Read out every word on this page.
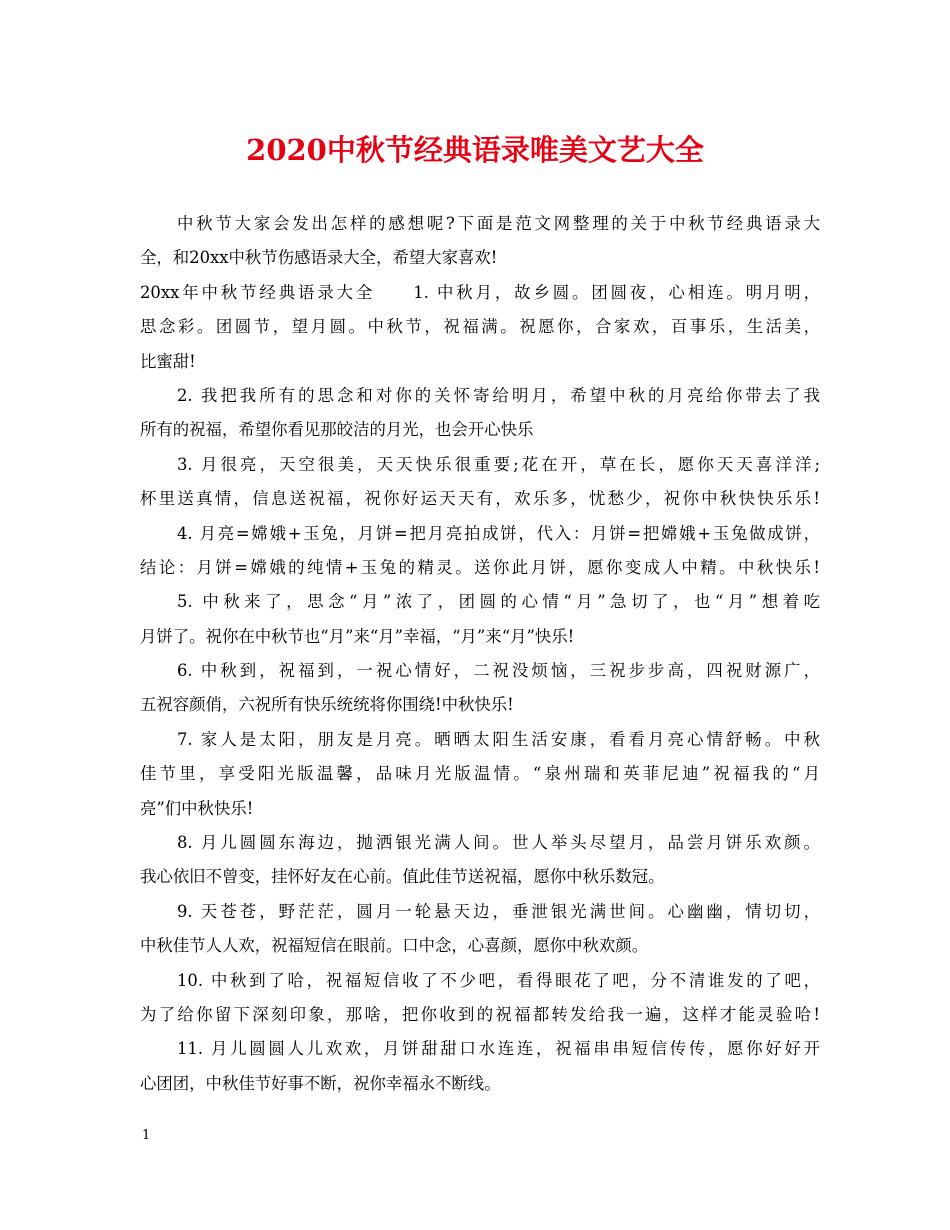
2020中秋节经典语录唯美文艺大全
中秋节大家会发出怎样的感想呢?下面是范文网整理的关于中秋节经典语录大
全，和20xx中秋节伤感语录大全，希望大家喜欢!
20xx年中秋节经典语录大全 1. 中秋月，故乡圆。团圆夜，心相连。明月明，
思念彩。团圆节，望月圆。中秋节，祝福满。祝愿你，合家欢，百事乐，生活美，
比蜜甜!
2. 我把我所有的思念和对你的关怀寄给明月，希望中秋的月亮给你带去了我
所有的祝福，希望你看见那皎洁的月光，也会开心快乐
3. 月很亮，天空很美，天天快乐很重要;花在开，草在长，愿你天天喜洋洋;
杯里送真情，信息送祝福，祝你好运天天有，欢乐多，忧愁少，祝你中秋快快乐乐!
4. 月亮=嫦娥+玉兔，月饼=把月亮拍成饼，代入：月饼=把嫦娥+玉兔做成饼，
结论：月饼=嫦娥的纯情+玉兔的精灵。送你此月饼，愿你变成人中精。中秋快乐!
5. 中秋来了，思念“月”浓了，团圆的心情“月”急切了，也“月”想着吃
月饼了。祝你在中秋节也“月”来“月”幸福，“月”来“月”快乐!
6. 中秋到，祝福到，一祝心情好，二祝没烦恼，三祝步步高，四祝财源广，
五祝容颜俏，六祝所有快乐统统将你围绕!中秋快乐!
7. 家人是太阳，朋友是月亮。晒晒太阳生活安康，看看月亮心情舒畅。中秋
佳节里，享受阳光版温馨，品味月光版温情。“泉州瑞和英菲尼迪”祝福我的“月
亮”们中秋快乐!
8. 月儿圆圆东海边，抛洒银光满人间。世人举头尽望月，品尝月饼乐欢颜。
我心依旧不曾变，挂怀好友在心前。值此佳节送祝福，愿你中秋乐数冠。
9. 天苍苍，野茫茫，圆月一轮悬天边，垂泄银光满世间。心幽幽，情切切，
中秋佳节人人欢，祝福短信在眼前。口中念，心喜颜，愿你中秋欢颜。
10. 中秋到了哈，祝福短信收了不少吧，看得眼花了吧，分不清谁发的了吧，
为了给你留下深刻印象，那啥，把你收到的祝福都转发给我一遍，这样才能灵验哈!
11. 月儿圆圆人儿欢欢，月饼甜甜口水连连，祝福串串短信传传，愿你好好开
心团团，中秋佳节好事不断，祝你幸福永不断线。
1
